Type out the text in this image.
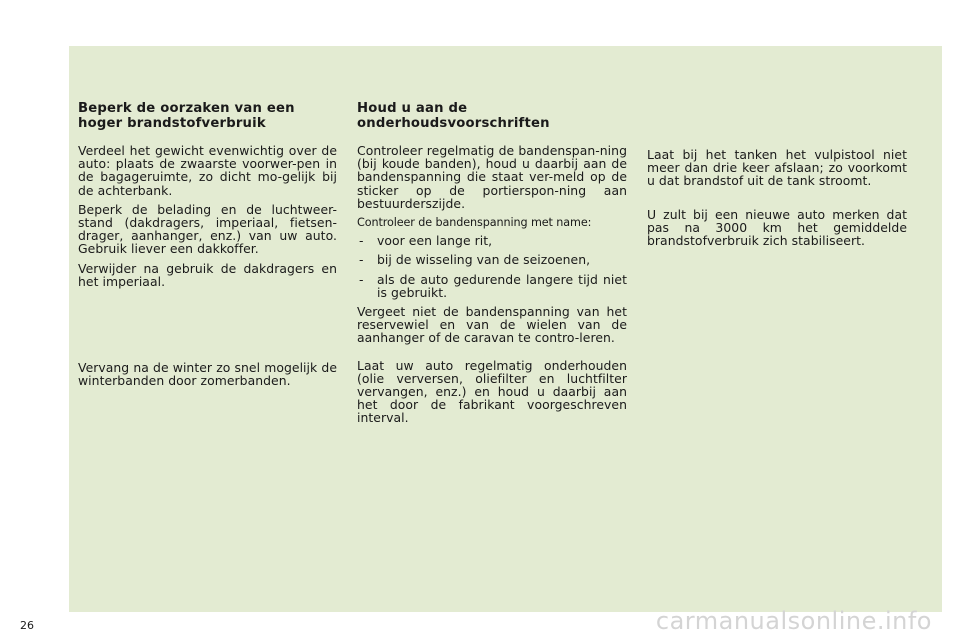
Beperk de oorzaken van een hoger brandstofverbruik

Verdeel het gewicht evenwichtig over de auto: plaats de zwaarste voorwer-pen in de bagageruimte, zo dicht mo-gelijk bij de achterbank.

Beperk de belading en de luchtweer-stand (dakdragers, imperiaal, fietsen-drager, aanhanger, enz.) van uw auto. Gebruik liever een dakkoffer.

Verwijder na gebruik de dakdragers en het imperiaal.

Vervang na de winter zo snel mogelijk de winterbanden door zomerbanden.

Houd u aan de onderhoudsvoorschriften

Controleer regelmatig de bandenspan-ning (bij koude banden), houd u daarbij aan de bandenspanning die staat ver-meld op de sticker op de portierspon-ning aan bestuurderszijde.

Controleer de bandenspanning met name:

- voor een lange rit,
- bij de wisseling van de seizoenen,
- als de auto gedurende langere tijd niet is gebruikt.

Vergeet niet de bandenspanning van het reservewiel en van de wielen van de aanhanger of de caravan te contro-leren.

Laat uw auto regelmatig onderhouden (olie verversen, oliefilter en luchtfilter vervangen, enz.) en houd u daarbij aan het door de fabrikant voorgeschreven interval.

Laat bij het tanken het vulpistool niet meer dan drie keer afslaan; zo voorkomt u dat brandstof uit de tank stroomt.

U zult bij een nieuwe auto merken dat pas na 3000 km het gemiddelde brandstofverbruik zich stabiliseert.

26	carmanualsonline.info
